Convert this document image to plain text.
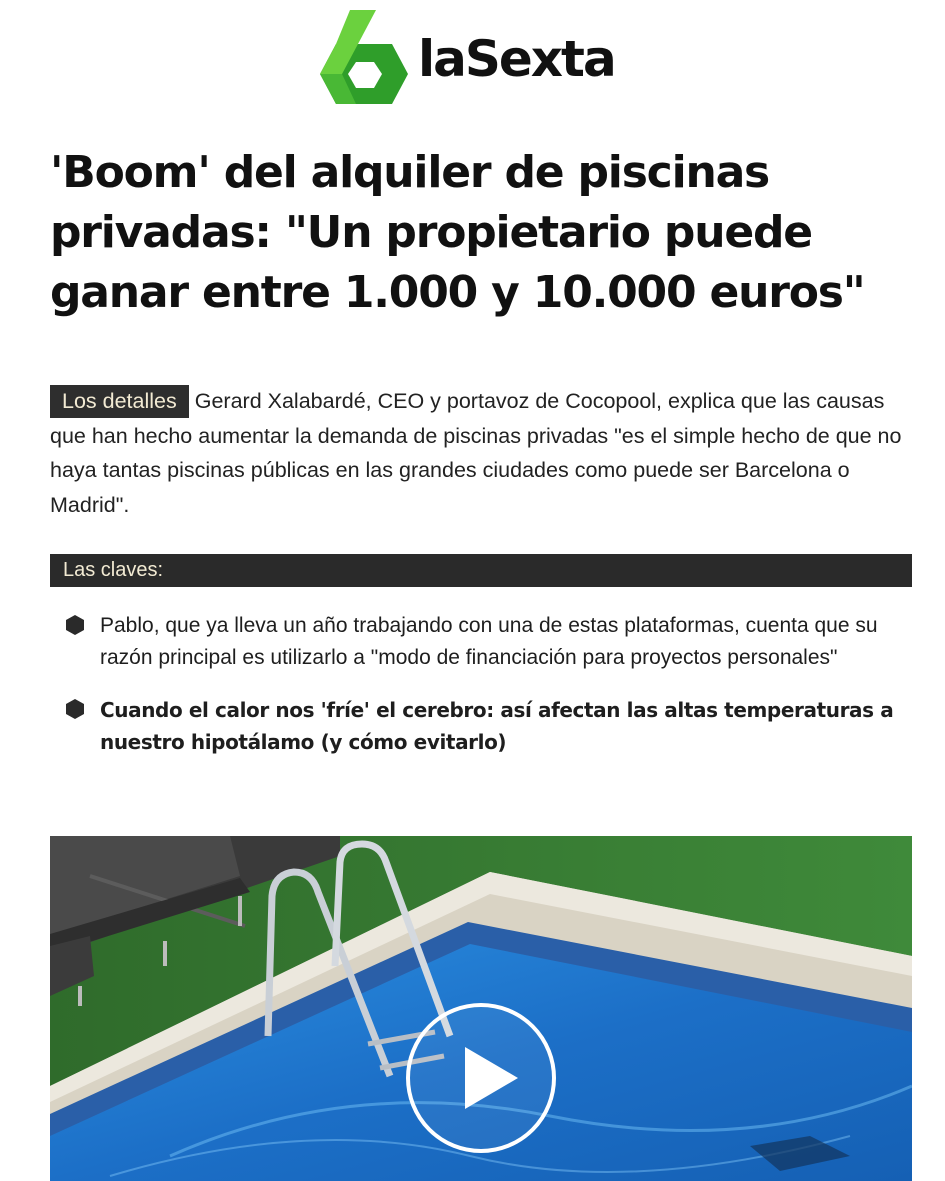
laSexta
'Boom' del alquiler de piscinas privadas: "Un propietario puede ganar entre 1.000 y 10.000 euros"

Los detalles Gerard Xalabardé, CEO y portavoz de Cocopool, explica que las causas que han hecho aumentar la demanda de piscinas privadas "es el simple hecho de que no haya tantas piscinas públicas en las grandes ciudades como puede ser Barcelona o Madrid".

Las claves:
Pablo, que ya lleva un año trabajando con una de estas plataformas, cuenta que su razón principal es utilizarlo a "modo de financiación para proyectos personales"
Cuando el calor nos 'fríe' el cerebro: así afectan las altas temperaturas a nuestro hipotálamo (y cómo evitarlo)
